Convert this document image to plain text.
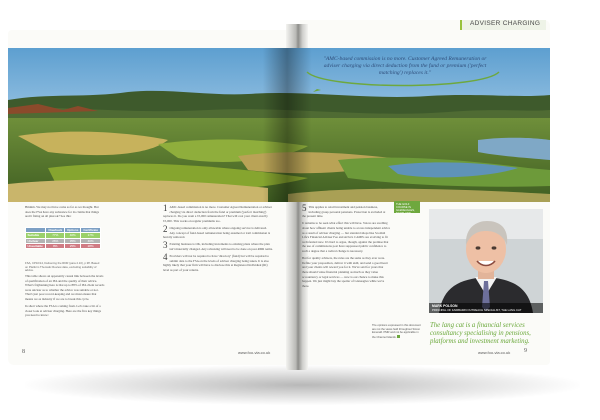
ADVISER CHARGING
"AMC-based commission is no more. Customer Agreed Remuneration or adviser charging via direct deduction from the fund or premium ('perfect matching') replaces it."

Hmmm. We may not have come as far as we thought. But does the FSA have any substance for its claims that things aren't fixing an all plus/ok? See this:

	Clawback	Options	Certificate
Suitable	77%	40%	17%
Unclear	26%	35%	40%
Unsuitable	8%	25%	28%
FSA, CP10/14, Delivering the RDR (para 2.10), p.9ff. Based on Platform Thematic Review data, excluding suitability of advice.

This table shows an apparently causal link between the levels of qualification of an IFA and the quality of their advice. What's frightening here is that up to 88% of IFA client records were unclear as to whether the advice was suitable or not. That's just poor record-keeping and we must ensure that means we as industry if we are to break this cycle.

In short where the FSA is coming from. Let's take a bit of a closer look at adviser charging. Here are the five key things you need to know:

1 AMC-based commission is no more. Customer Agreed Remuneration or adviser charging via direct deduction from the fund or premium ('perfect matching') replaces it. Do you want a £5,000 remuneration? That will cost your client exactly £5,000. This works on regular premiums too.

2 Ongoing remuneration is only allowable where ongoing service is delivered. Any concept of fund-based remuneration being assumed or trail commission is heavily removed.

3 Existing business is OK, including increments to existing plans where the plan isn't materially changed. Any rebroking will need to be done on post-RDR terms.

4 Providers will not be required to have 'directory' (fund) but will be required to submit data to the FSA on the levels of adviser charging being taken. It is also highly likely that your firm will have to disclose this at Registered Individual (RI) level as part of your returns.

8	www.foo-via.co.uk

5 This applies to retail investment and pension business, including group personal pensions. Protection is excluded at the present time.

It remains to be seen what effect this will have. Voices are swelling about how affluent clients being unable to access independent advice as a result of adviser charging — but standard shops like Scottish Life's Financial Adviser Fee and Aviva's CAMPs are evolving to fit well-funded new. It's hard to argue, though, against the premise that the use of commissions post have suppressed public confidence to such a degree that a radical change is necessary.

But for quality advisers, the rules are the same as they ever were. Define your proposition, deliver it with skill, and send a good heart and your clients will reward you for it. We've said for years that there should value financial planning as much as they value accountancy or legal services — now is our chance to make this happen. We just might buy the spoiler of Gleneagles while we're there.

THE GOLF COURSE IN GLENEAGLES, SCOTLAND
MARK POLSON
PRINCIPAL OF FAIRBAIRN OUTREACH SPECIALIST, THE LANG CAT
The opinions expressed in this document are not the views held throughout Simon Emerald. PMR and not be applicable in the Channel Islands.
The lang cat is a financial services consultancy specialising in pensions, platforms and investment marketing.
www.foo-via.co.uk 9
